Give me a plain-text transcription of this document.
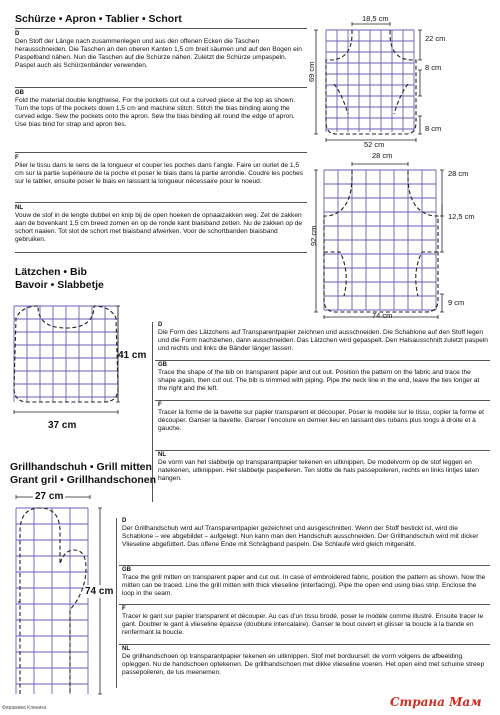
Schürze • Apron • Tablier • Schort
D
Den Stoff der Länge nach zusammenlegen und aus den offenen Ecken die Taschen herausschneiden. Die Taschen an den oberen Kanten 1,5 cm breit säumen und auf den Bogen ein Paspelband nähen. Nun die Taschen auf die Schürze nähen. Zuletzt die Schürze umpaspeln. Paspel auch als Schürzenbänder verwenden.
GB
Fold the material double lengthwise. For the pockets cut out a curved piece at the top as shown. Turn the tops of the pockets down 1,5 cm and machine stitch. Stitch the bias binding along the curved edge. Sew the pockets onto the apron. Sew the bias binding all round the edge of apron. Use bias bind for strap and apron ties.
F
Plier le tissu dans le sens de la longueur et couper les poches dans l’angle. Faire un ourlet de 1,5 cm sur la partie supérieure de la poche et poser le biais dans la partie arrondie. Coudre les poches sur le tablier, ensuite poser le biais en laissant la longueur nécessaire pour le noeud.
NL
Vouw de stof in de lengte dubbel en knip bij de open hoeken de opnaaizakken weg. Zet de zakken aan de bovenkant 1,5 cm breed zomen en op de ronde kant biaisband zetten. Nu de zakken op de schort naaien. Tot slot de schort met biaisband afwerken. Voor de schortbanden biaisband gebruiken.
18,5 cm
22 cm
8 cm
8 cm
69 cm
52 cm
28 cm
28 cm
12,5 cm
9 cm
92 cm
74 cm
Lätzchen • Bib
Bavoir • Slabbetje
41 cm
37 cm
D
Die Form des Lätzchens auf Transparentpapier zeichnen und ausschneiden. Die Schablone auf den Stoff legen und die Form nachziehen, dann ausschneiden. Das Lätzchen wird gepaspelt. Den Halsausschnitt zuletzt paspeln und rechts und links die Bänder länger lassen.
GB
Trace the shape of the bib on transparent paper and cut out. Position the pattern on the fabric and trace the shape again, then cut out. The bib is trimmed with piping. Pipe the neck line in the end, leave the ties longer at the right and the left.
F
Tracer la forme de la bavette sur papier transparent et découper. Poser le modèle sur le tissu, copier la forme et découper. Ganser la bavette. Ganser l’encolure en dernier lieu en laissant des rubans plus longs à droite et à gauche.
NL
De vorm van het slabbetje op transparantpapier tekenen en uitknippen. De modelvorm op de stof leggen en natekenen, uitknippen. Het slabbetje paspelleren. Ten slotte de hals passepoileren, rechts en links lintjes laten hangen.
Grillhandschuh • Grill mitten
Grant gril • Grillhandschonen
27 cm
74 cm
D
Der Grillhandschuh wird auf Transparentpapier gezeichnet und ausgeschnitten. Wenn der Stoff bestickt ist, wird die Schablone – wie abgebildet – aufgelegt. Nun kann man den Handschuh ausschneiden. Der Grillhandschuh wird mit dicker Vlieseline abgefüttert. Das offene Ende mit Schrägband paspeln. Die Schlaufe wird gleich mitgenäht.
GB
Trace the grill mitten on transparent paper and cut out. In case of embroidered fabric, position the pattern as shown. Now the mitten can be traced. Line the grill mitten with thick vlieseline (interfacing). Pipe the open end using bias strip. Enclose the loop in the seam.
F
Tracer le gant sur papier transparent et découper. Au cas d’un tissu brodé, poser le modèle comme illustré. Ensuite tracer le gant. Doubler le gant à vlieseline épaisse (doublure intercalaire). Ganser le bout ouvert et glisser la boucle à la bande en renfermant la boucle.
NL
De grillhandschoen op transparantpapier tekenen en uitknippen. Stof met borduursel: de vorm volgens de afbeelding opleggen. Nu de handschoen optekenen. De grillhandschoen met dikke vlieseline voeren. Het open eind met schuine streep passepoileren, de lus meenemen.
Фирамива Клиника	Страна Мам
